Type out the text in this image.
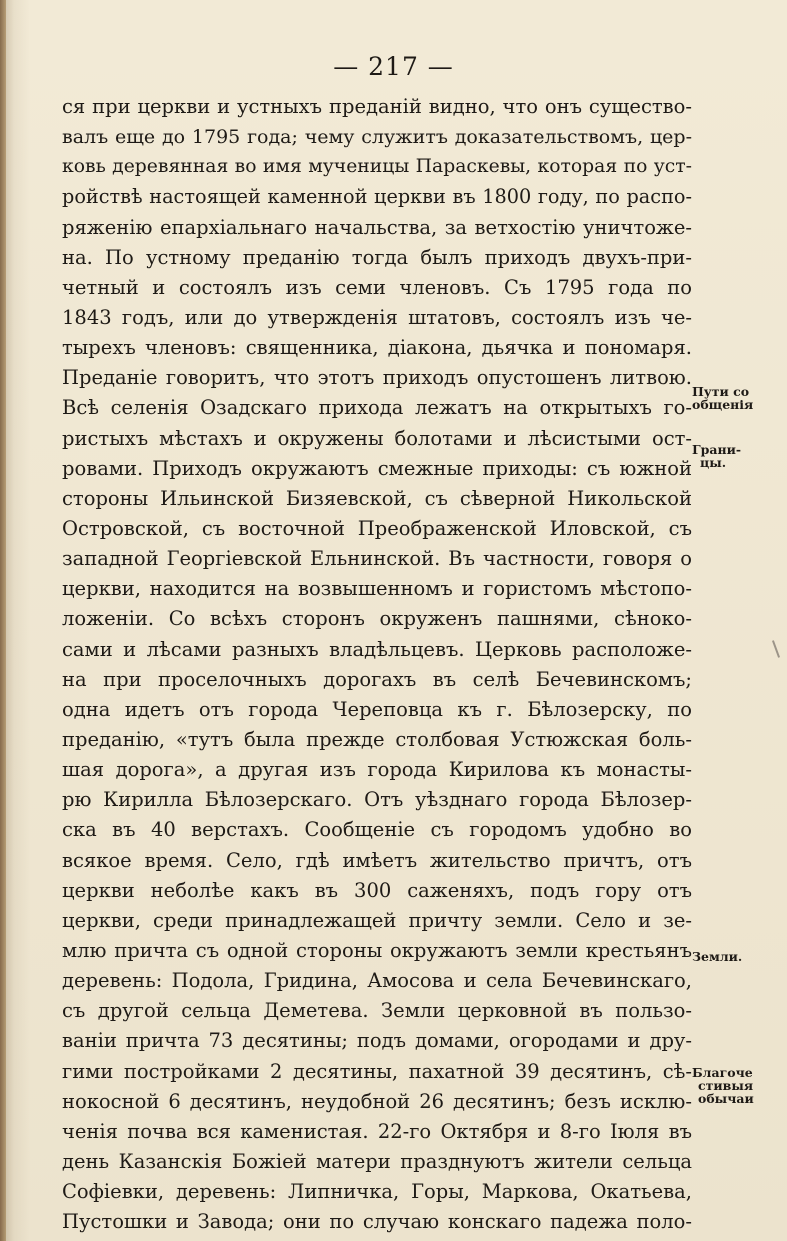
— 217 —
ся при церкви и устныхъ преданій видно, что онъ существо-
валъ еще до 1795 года; чему служитъ доказательствомъ, цер-
ковь деревянная во имя мученицы Параскевы, которая по уст-
ройствѣ настоящей каменной церкви въ 1800 году, по распо-
ряженію епархіальнаго начальства, за ветхостію уничтоже-
на. По устному преданію тогда былъ приходъ двухъ-при-
четный и состоялъ изъ семи членовъ. Съ 1795 года по
1843 годъ, или до утвержденія штатовъ, состоялъ изъ че-
тырехъ членовъ: священника, діакона, дьячка и пономаря.
Преданіе говоритъ, что этотъ приходъ опустошенъ литвою.
Всѣ селенія Озадскаго прихода лежатъ на открытыхъ го-
ристыхъ мѣстахъ и окружены болотами и лѣсистыми ост-
ровами. Приходъ окружаютъ смежные приходы: съ южной
стороны Ильинской Бизяевской, съ сѣверной Никольской
Островской, съ восточной Преображенской Иловской, съ
западной Георгіевской Ельнинской. Въ частности, говоря о
церкви, находится на возвышенномъ и гористомъ мѣстопо-
ложеніи. Со всѣхъ сторонъ окруженъ пашнями, сѣноко-
сами и лѣсами разныхъ владѣльцевъ. Церковь расположе-
на при проселочныхъ дорогахъ въ селѣ Бечевинскомъ;
одна идетъ отъ города Череповца къ г. Бѣлозерску, по
преданію, «тутъ была прежде столбовая Устюжская боль-
шая дорога», а другая изъ города Кирилова къ монасты-
рю Кирилла Бѣлозерскаго. Отъ уѣзднаго города Бѣлозер-
ска въ 40 верстахъ. Сообщеніе съ городомъ удобно во
всякое время. Село, гдѣ имѣетъ жительство причтъ, отъ
церкви неболѣе какъ въ 300 саженяхъ, подъ гору отъ
церкви, среди принадлежащей причту земли. Село и зе-
млю причта съ одной стороны окружаютъ земли крестьянъ
деревень: Подола, Гридина, Амосова и села Бечевинскаго,
съ другой сельца Деметева. Земли церковной въ пользо-
ваніи причта 73 десятины; подъ домами, огородами и дру-
гими постройками 2 десятины, пахатной 39 десятинъ, сѣ-
нокосной 6 десятинъ, неудобной 26 десятинъ; безъ исклю-
ченія почва вся каменистая. 22-го Октября и 8-го Іюля въ
день Казанскія Божіей матери празднуютъ жители сельца
Софіевки, деревень: Липничка, Горы, Маркова, Окатьева,
Пустошки и Завода; они по случаю конскаго падежа поло-
Пути со
общенія
Грани-
цы.
Земли.
Благоче
стивыя
обычаи
